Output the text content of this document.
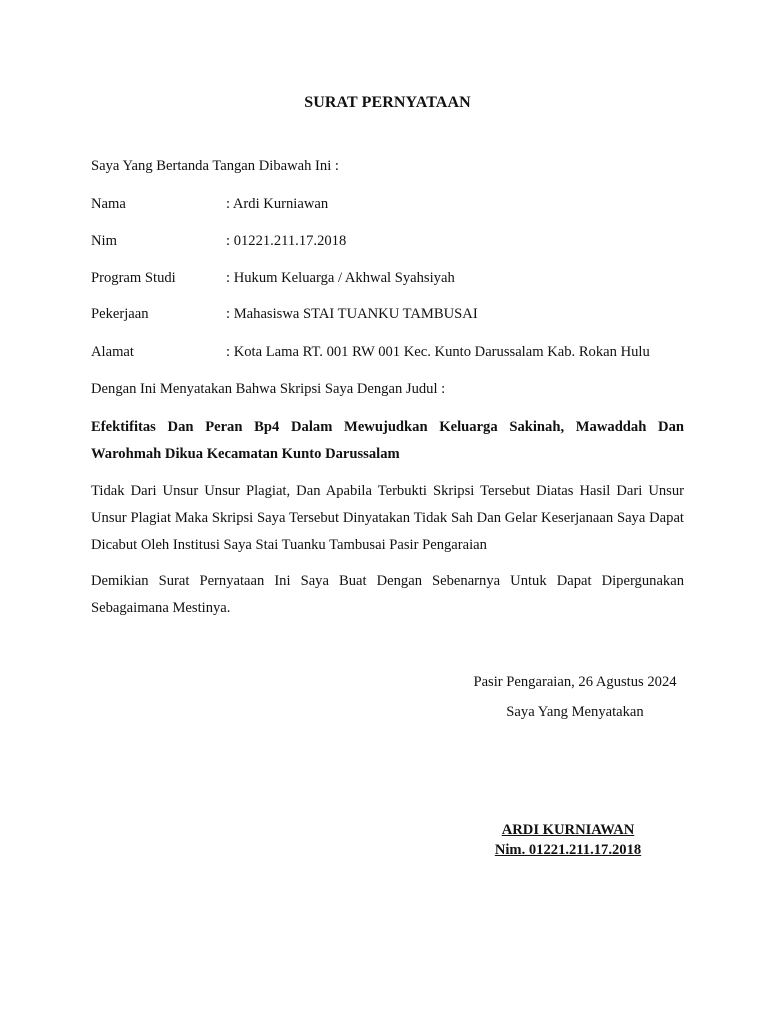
SURAT PERNYATAAN
Saya Yang Bertanda Tangan Dibawah Ini :
Nama	: Ardi Kurniawan
Nim	: 01221.211.17.2018
Program Studi	: Hukum Keluarga / Akhwal Syahsiyah
Pekerjaan	: Mahasiswa STAI TUANKU TAMBUSAI
Alamat	: Kota Lama RT. 001 RW 001 Kec. Kunto Darussalam Kab. Rokan Hulu
Dengan Ini Menyatakan Bahwa Skripsi Saya Dengan Judul :
Efektifitas Dan Peran Bp4 Dalam Mewujudkan Keluarga Sakinah, Mawaddah Dan Warohmah Dikua Kecamatan Kunto Darussalam
Tidak Dari Unsur Unsur Plagiat, Dan Apabila Terbukti Skripsi Tersebut Diatas Hasil Dari Unsur Unsur Plagiat Maka Skripsi Saya Tersebut Dinyatakan Tidak Sah Dan Gelar Keserjanaan Saya Dapat Dicabut Oleh Institusi Saya Stai Tuanku Tambusai Pasir Pengaraian
Demikian Surat Pernyataan Ini Saya Buat Dengan Sebenarnya Untuk Dapat Dipergunakan Sebagaimana Mestinya.
Pasir Pengaraian, 26 Agustus 2024
Saya Yang Menyatakan
ARDI KURNIAWAN
Nim. 01221.211.17.2018
